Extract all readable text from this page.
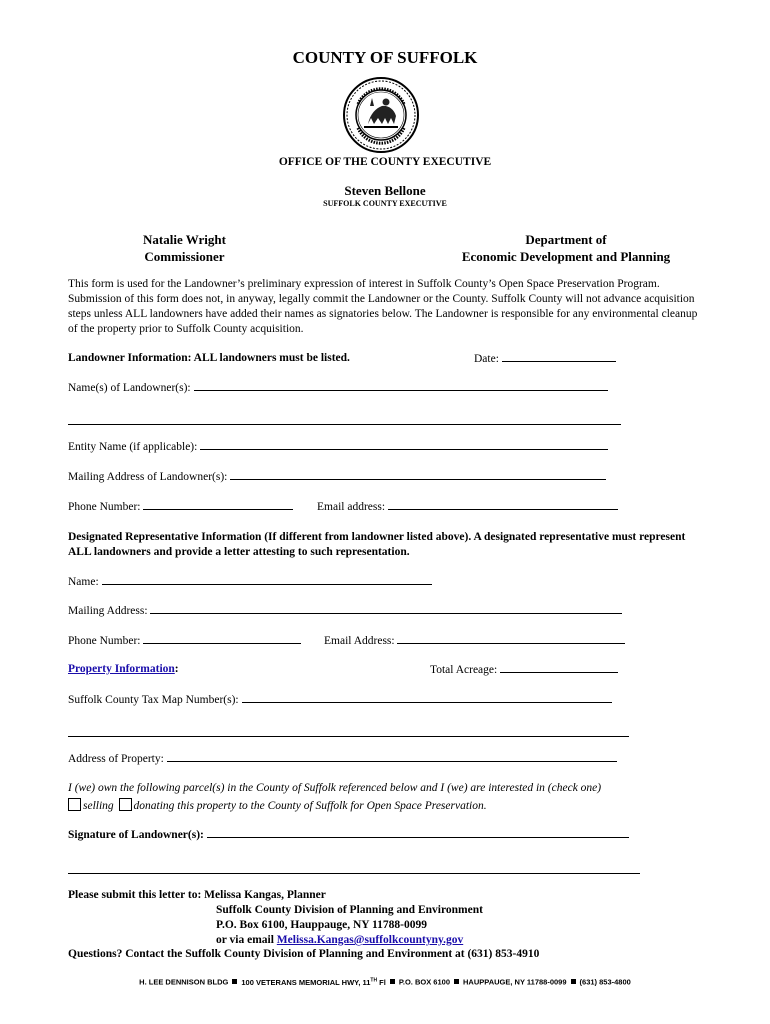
COUNTY OF SUFFOLK
OFFICE OF THE COUNTY EXECUTIVE
Steven Bellone
SUFFOLK COUNTY EXECUTIVE
Natalie Wright
Commissioner
Department of
Economic Development and Planning
This form is used for the Landowner’s preliminary expression of interest in Suffolk County’s Open Space Preservation Program. Submission of this form does not, in anyway, legally commit the Landowner or the County. Suffolk County will not advance acquisition steps unless ALL landowners have added their names as signatories below. The Landowner is responsible for any environmental cleanup of the property prior to Suffolk County acquisition.
Landowner Information: ALL landowners must be listed.	Date:
Name(s) of Landowner(s):
Entity Name (if applicable):
Mailing Address of Landowner(s):
Phone Number:	Email address:
Designated Representative Information (If different from landowner listed above). A designated representative must represent ALL landowners and provide a letter attesting to such representation.
Name:
Mailing Address:
Phone Number:	Email Address:
Property Information:	Total Acreage:
Suffolk County Tax Map Number(s):
Address of Property:
I (we) own the following parcel(s) in the County of Suffolk referenced below and I (we) are interested in (check one)
selling donating this property to the County of Suffolk for Open Space Preservation.
Signature of Landowner(s):
Please submit this letter to: Melissa Kangas, Planner
Suffolk County Division of Planning and Environment
P.O. Box 6100, Hauppauge, NY 11788-0099
or via email Melissa.Kangas@suffolkcountyny.gov
Questions? Contact the Suffolk County Division of Planning and Environment at (631) 853-4910
H. LEE DENNISON BLDG 100 VETERANS MEMORIAL HWY, 11TH Fl P.O. BOX 6100 HAUPPAUGE, NY 11788-0099 (631) 853-4800
